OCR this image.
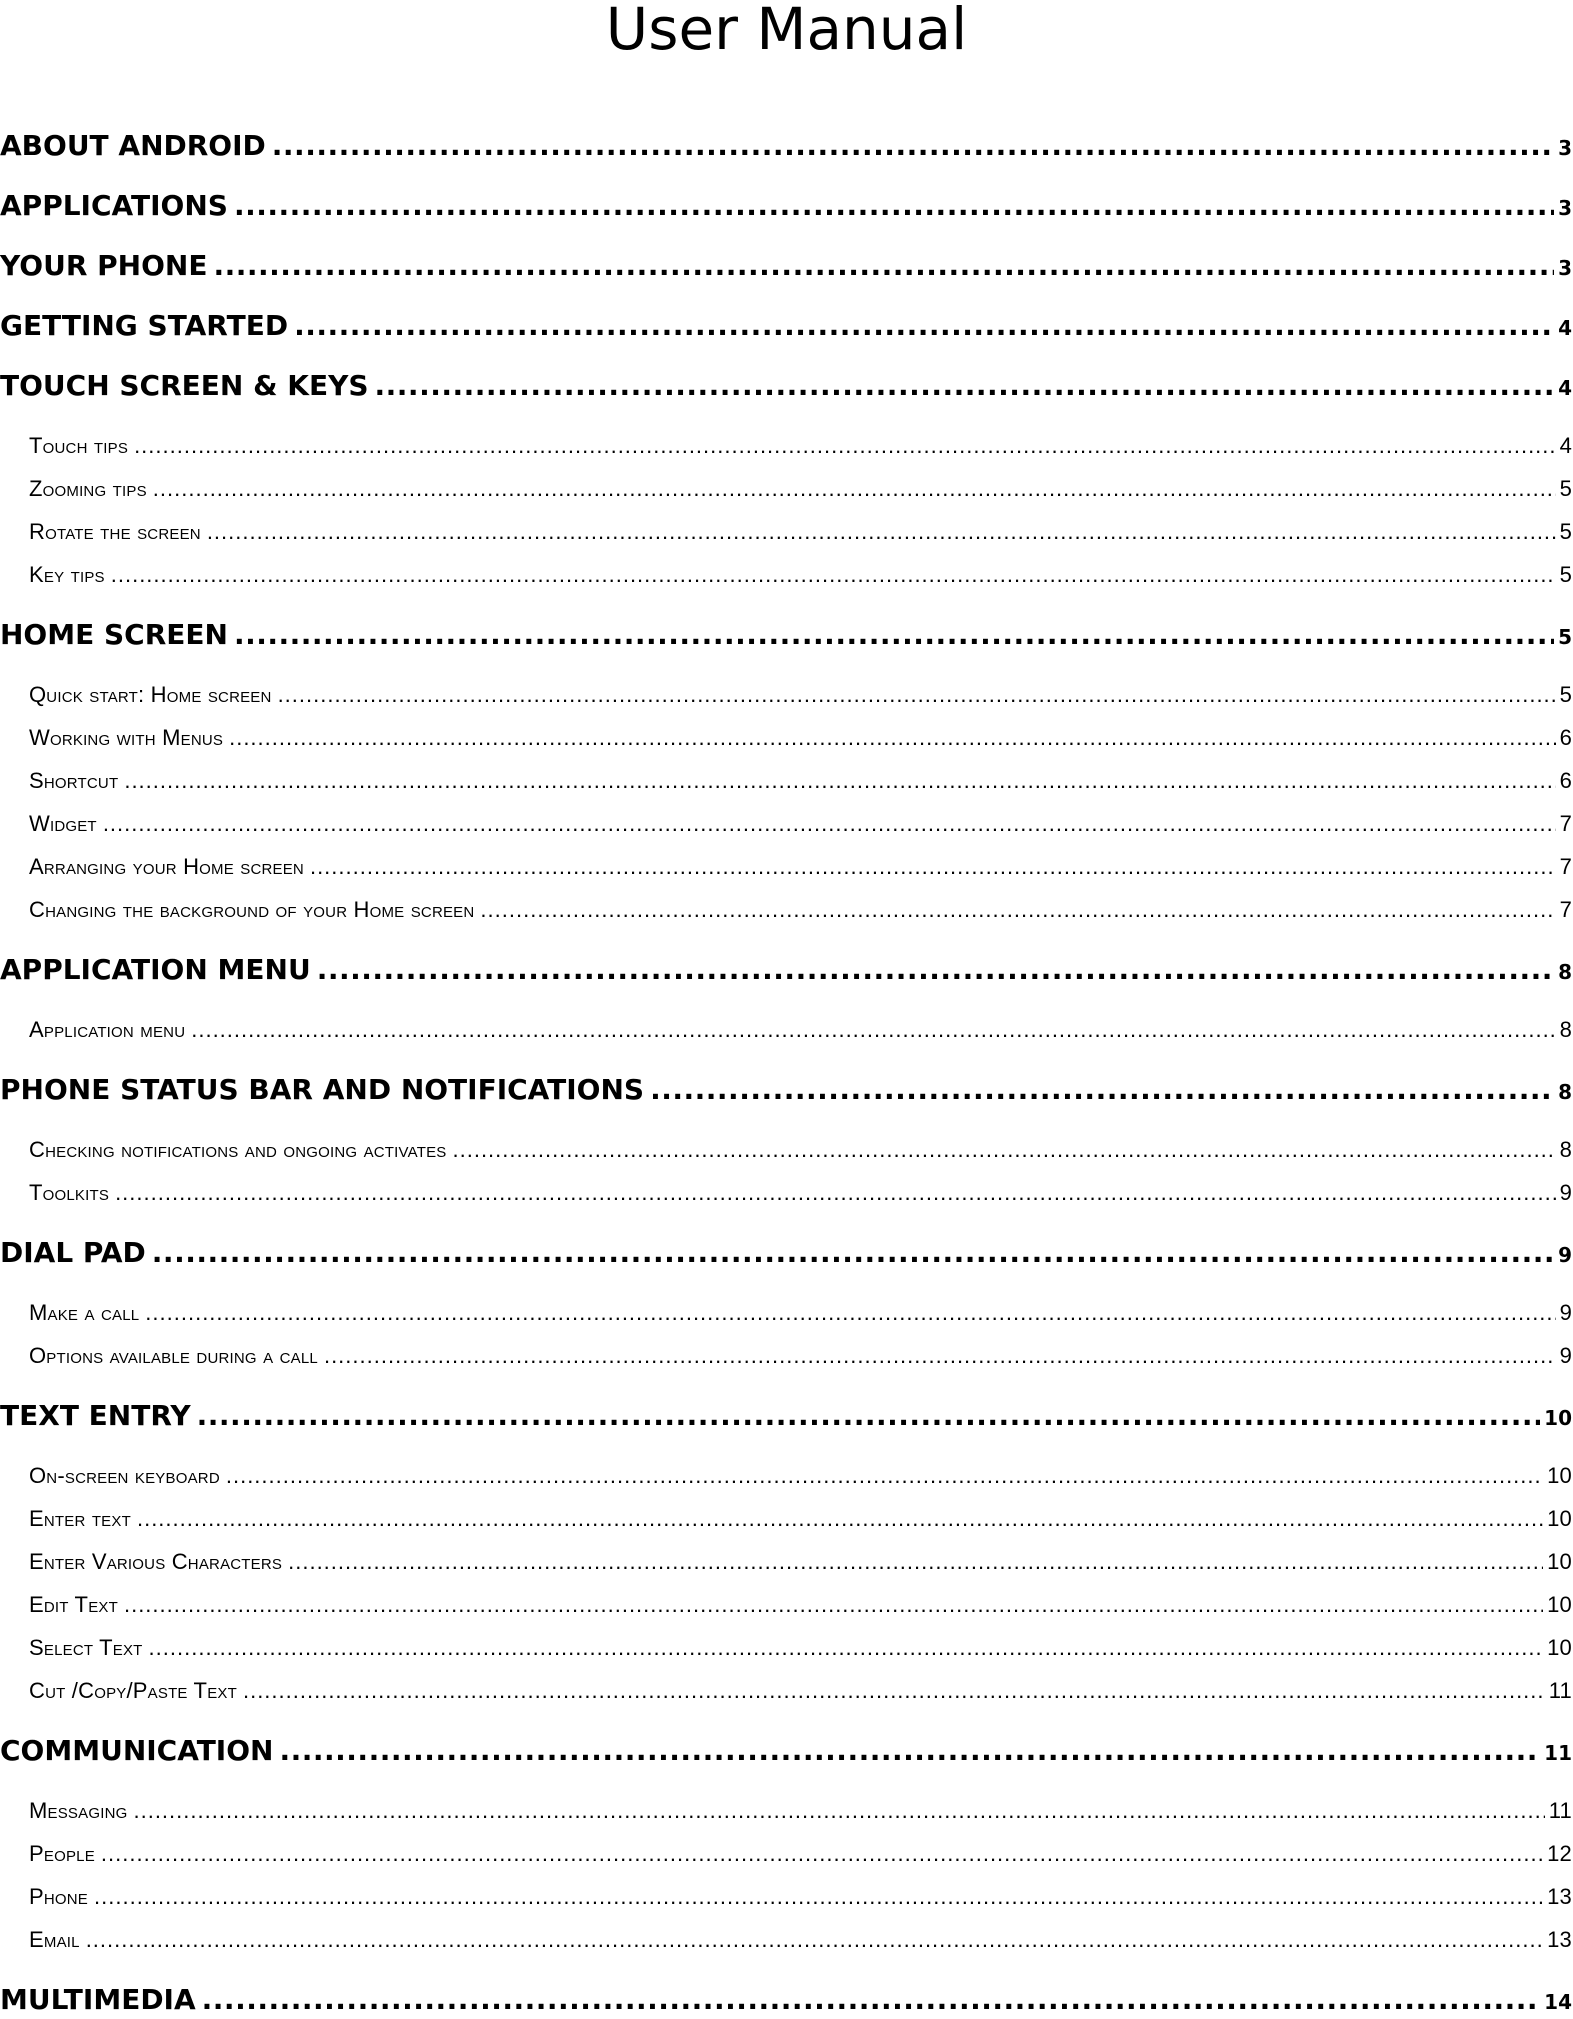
User Manual
ABOUT ANDROID .....	3
APPLICATIONS .....	3
YOUR PHONE .....	3
GETTING STARTED .....	4
TOUCH SCREEN & KEYS .....	4
Touch tips .....	4
Zooming tips .....	5
Rotate the screen .....	5
Key tips .....	5
HOME SCREEN .....	5
Quick start: Home screen .....	5
Working with Menus .....	6
Shortcut .....	6
Widget .....	7
Arranging your Home screen .....	7
Changing the background of your Home screen .....	7
APPLICATION MENU .....	8
Application menu .....	8
PHONE STATUS BAR AND NOTIFICATIONS .....	8
Checking notifications and ongoing activates .....	8
Toolkits .....	9
DIAL PAD .....	9
Make a call .....	9
Options available during a call .....	9
TEXT ENTRY .....	10
On-screen keyboard .....	10
Enter text .....	10
Enter Various Characters .....	10
Edit Text .....	10
Select Text .....	10
Cut /Copy/Paste Text .....	11
COMMUNICATION .....	11
Messaging .....	11
People .....	12
Phone .....	13
Email .....	13
MULTIMEDIA .....	14
